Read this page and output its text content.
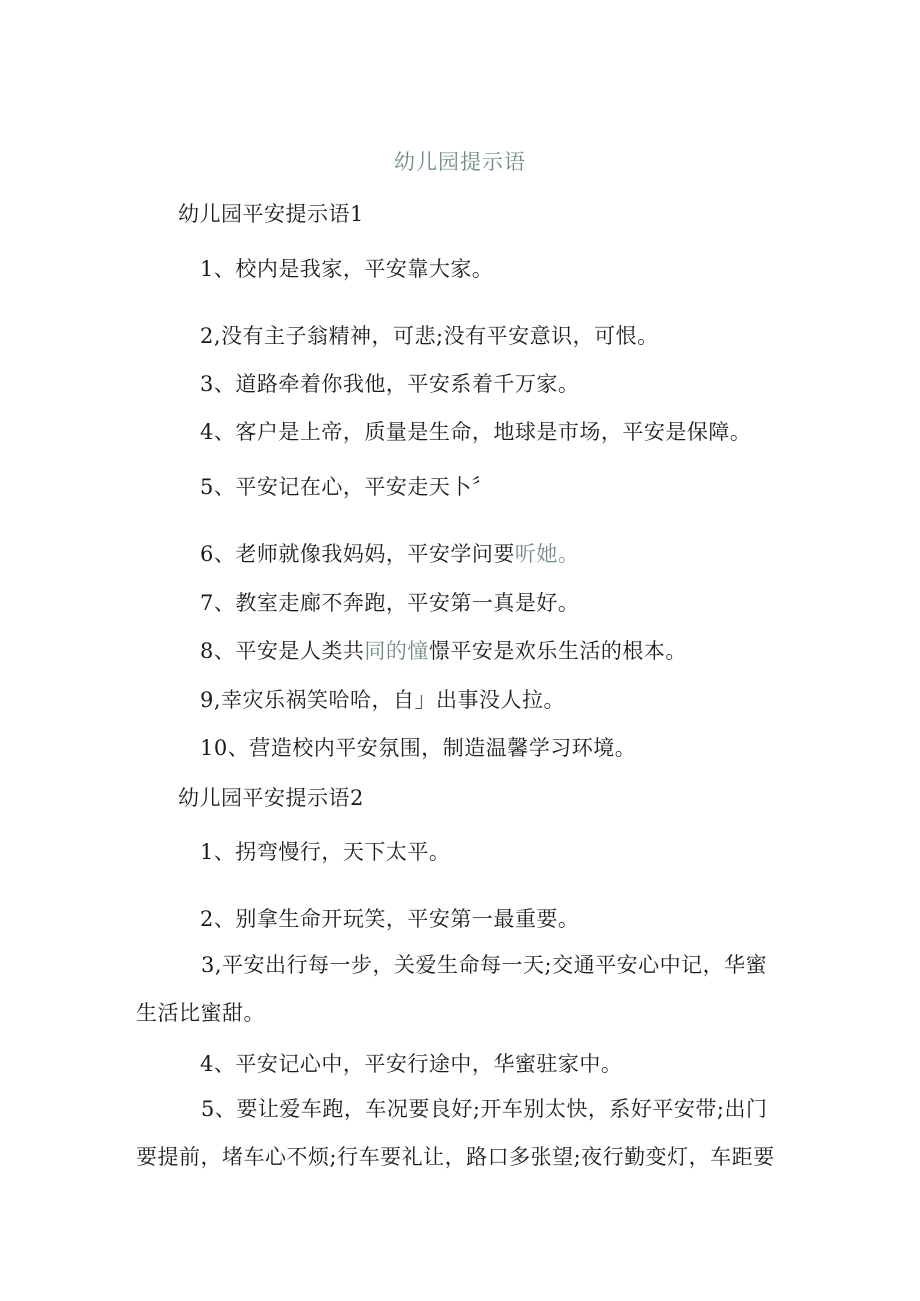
幼儿园提示语
幼儿园平安提示语1
1、校内是我家，平安靠大家。
2,没有主子翁精神，可悲;没有平安意识，可恨。
3、道路牵着你我他，平安系着千万家。
4、客户是上帝，质量是生命，地球是市场，平安是保障。
5、平安记在心，平安走天卜〞
6、老师就像我妈妈，平安学问要听她。
7、教室走廊不奔跑，平安第一真是好。
8、平安是人类共同的憧憬平安是欢乐生活的根本。
9,幸灾乐祸笑哈哈，自」出事没人拉。
10、营造校内平安氛围，制造温馨学习环境。
幼儿园平安提示语2
1、拐弯慢行，天下太平。
2、别拿生命开玩笑，平安第一最重要。
3,平安出行每一步，关爱生命每一天;交通平安心中记，华蜜生活比蜜甜。
4、平安记心中，平安行途中，华蜜驻家中。
5、要让爱车跑，车况要良好;开车别太快，系好平安带;出门要提前，堵车心不烦;行车要礼让，路口多张望;夜行勤变灯，车距要
